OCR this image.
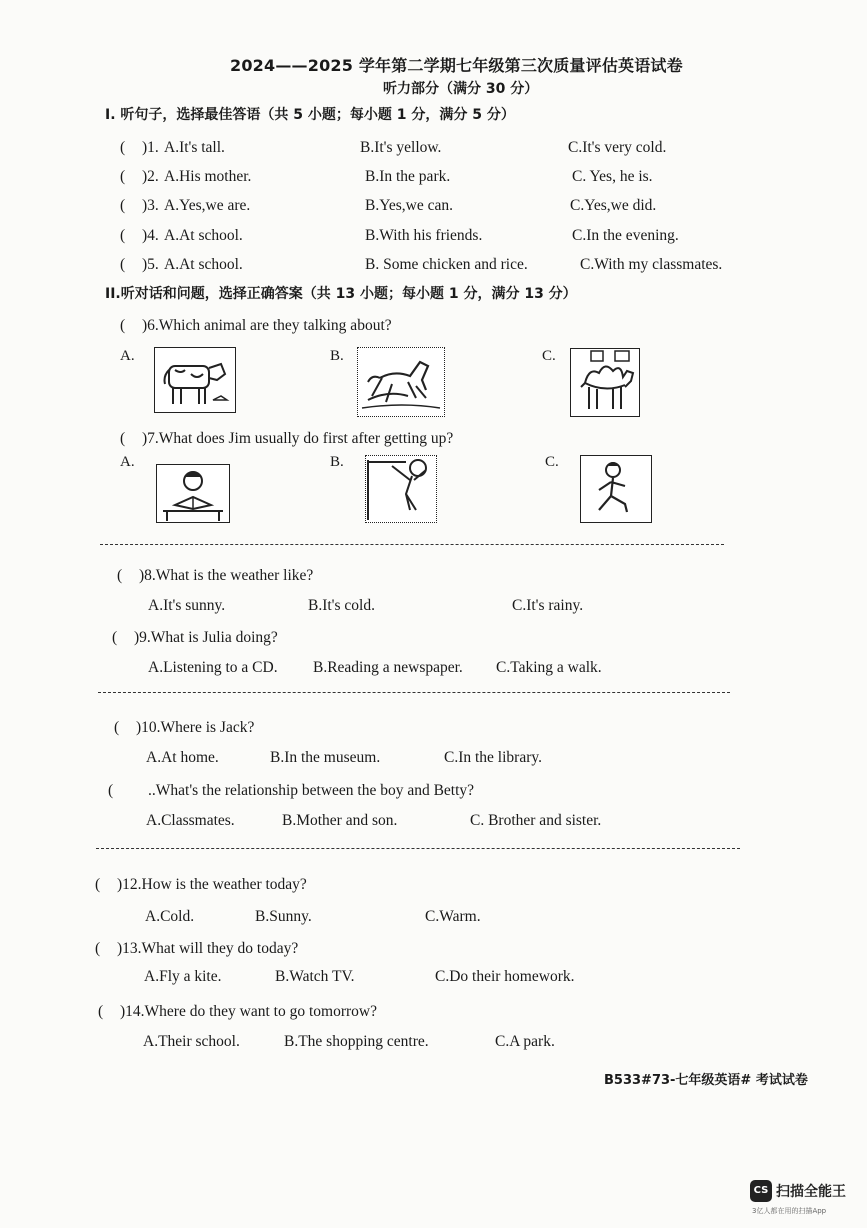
2024——2025 学年第二学期七年级第三次质量评估英语试卷
听力部分（满分 30 分）
I. 听句子，选择最佳答语（共 5 小题；每小题 1 分，满分 5 分）
( )1. A.It's tall.	B.It's yellow.	C.It's very cold.
( )2. A.His mother.	B.In the park.	C. Yes, he is.
( )3. A.Yes,we are.	B.Yes,we can.	C.Yes,we did.
( )4. A.At school.	B.With his friends.	C.In the evening.
( )5. A.At school.	B. Some chicken and rice.	C.With my classmates.
II.听对话和问题，选择正确答案（共 13 小题；每小题 1 分，满分 13 分）
( )6.Which animal are they talking about?
A.	B.	C.
( )7.What does Jim usually do first after getting up?
A.	B.	C.
( )8.What is the weather like?
A.It's sunny.	B.It's cold.	C.It's rainy.
( )9.What is Julia doing?
A.Listening to a CD. B.Reading a newspaper. C.Taking a walk.
( )10.Where is Jack?
A.At home.	B.In the museum.	C.In the library.
( ..What's the relationship between the boy and Betty?
A.Classmates.	B.Mother and son.	C. Brother and sister.
( )12.How is the weather today?
A.Cold.	B.Sunny.	C.Warm.
( )13.What will they do today?
A.Fly a kite.	B.Watch TV.	C.Do their homework.
( )14.Where do they want to go tomorrow?
A.Their school.	B.The shopping centre.	C.A park.
B533#73-七年级英语# 考试试卷
CS 扫描全能王
3亿人都在用的扫描App
